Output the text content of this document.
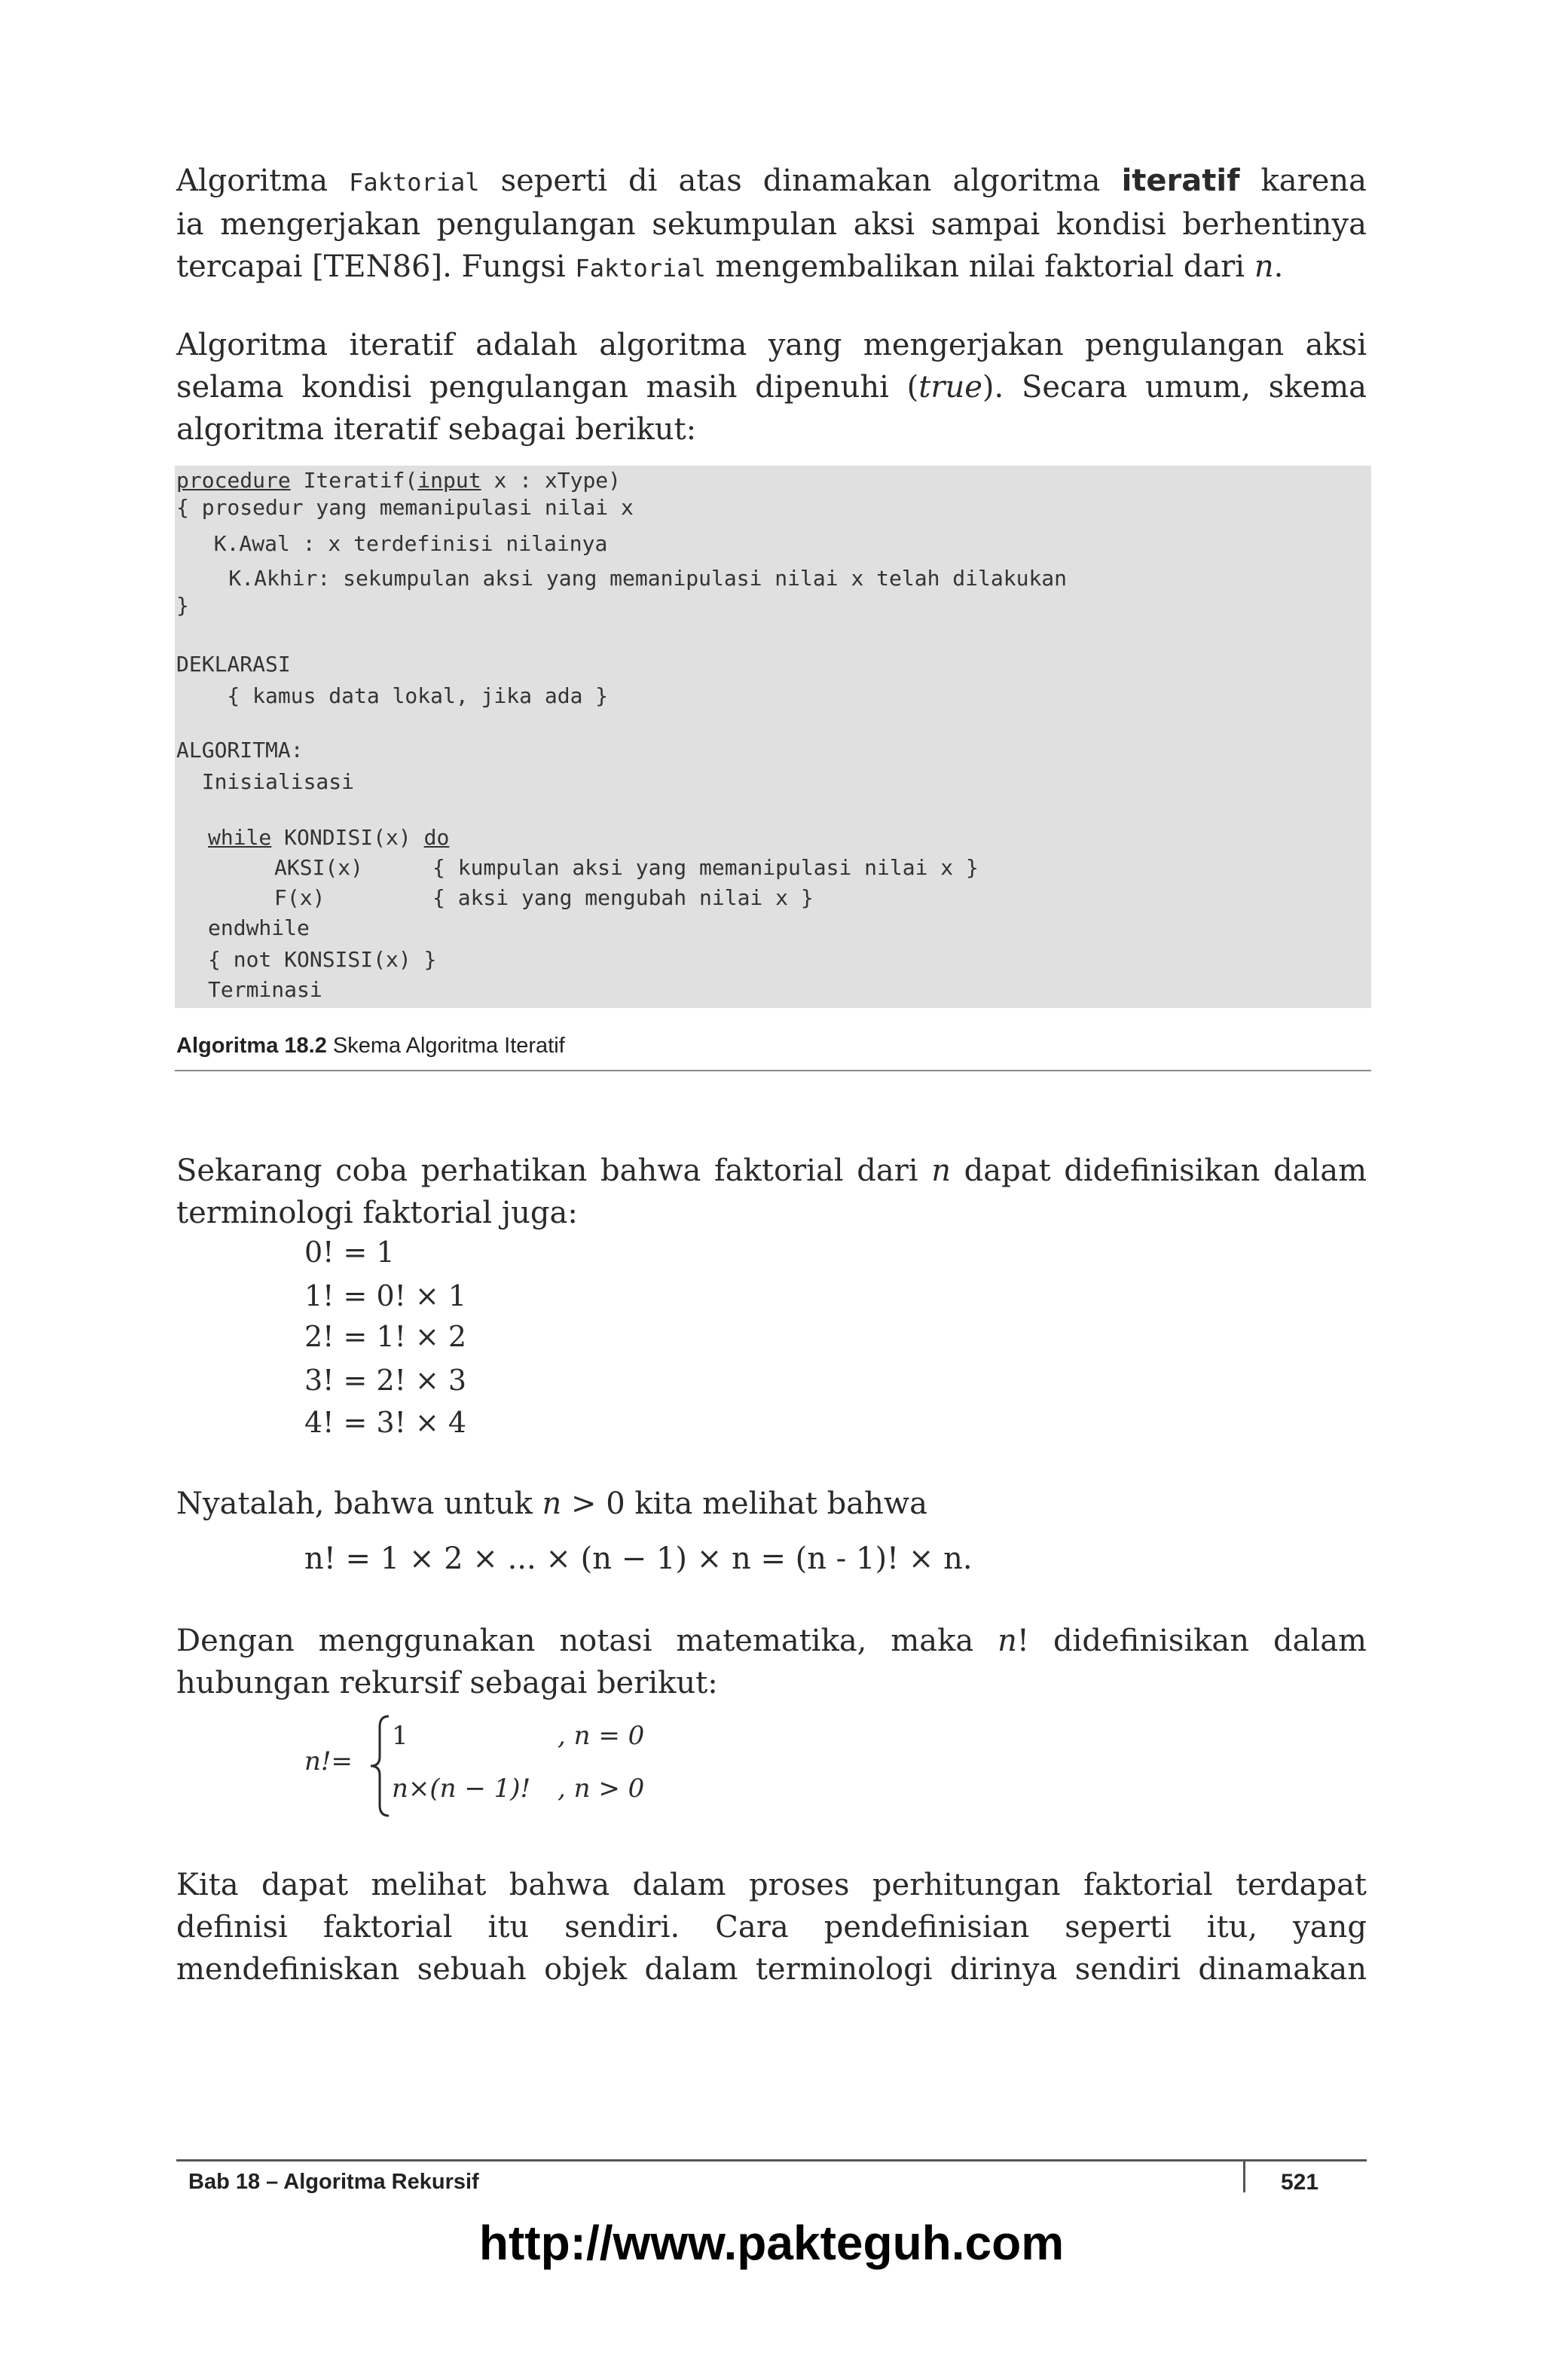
Algoritma Faktorial seperti di atas dinamakan algoritma iteratif karena
ia mengerjakan pengulangan sekumpulan aksi sampai kondisi berhentinya
tercapai [TEN86]. Fungsi Faktorial mengembalikan nilai faktorial dari n.
Algoritma iteratif adalah algoritma yang mengerjakan pengulangan aksi
selama kondisi pengulangan masih dipenuhi (true). Secara umum, skema
algoritma iteratif sebagai berikut:
procedure Iteratif(input x : xType)
{ prosedur yang memanipulasi nilai x
K.Awal : x terdefinisi nilainya
K.Akhir: sekumpulan aksi yang memanipulasi nilai x telah dilakukan
}
DEKLARASI
{ kamus data lokal, jika ada }
ALGORITMA:
Inisialisasi
while KONDISI(x) do
AKSI(x)	{ kumpulan aksi yang memanipulasi nilai x }
F(x)	{ aksi yang mengubah nilai x }
endwhile
{ not KONSISI(x) }
Terminasi
Algoritma 18.2 Skema Algoritma Iteratif
Sekarang coba perhatikan bahwa faktorial dari n dapat didefinisikan dalam
terminologi faktorial juga:
0! = 1
1! = 0! × 1
2! = 1! × 2
3! = 2! × 3
4! = 3! × 4
Nyatalah, bahwa untuk n > 0 kita melihat bahwa
n! = 1 × 2 × ... × (n − 1) × n = (n - 1)! × n.
Dengan menggunakan notasi matematika, maka n! didefinisikan dalam
hubungan rekursif sebagai berikut:
n!=
1	, n = 0
n×(n − 1)! , n > 0
Kita dapat melihat bahwa dalam proses perhitungan faktorial terdapat
definisi faktorial itu sendiri. Cara pendefinisian seperti itu, yang
mendefiniskan sebuah objek dalam terminologi dirinya sendiri dinamakan
Bab 18 – Algoritma Rekursif	521
http://www.pakteguh.com
